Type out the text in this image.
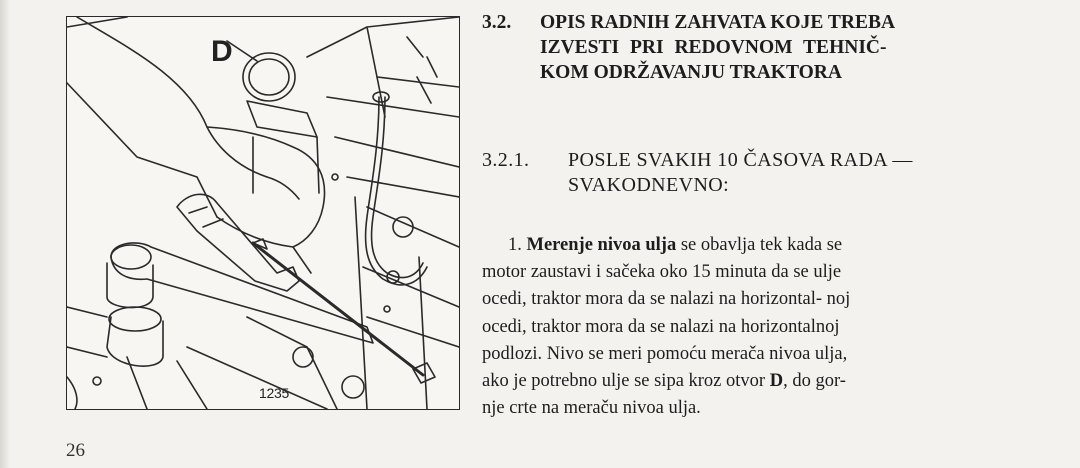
D
1235
3.2. OPIS RADNIH ZAHVATA KOJE TREBA
IZVESTI PRI REDOVNOM TEHNIČ-
KOM ODRŽAVANJU TRAKTORA
3.2.1. POSLE SVAKIH 10 ČASOVA RADA —
SVAKODNEVNO:
1. Merenje nivoa ulja se obavlja tek kada se
motor zaustavi i sačeka oko 15 minuta da se ulje
ocedi, traktor mora da se nalazi na horizontal- noj
ocedi, traktor mora da se nalazi na horizontalnoj
podlozi. Nivo se meri pomoću merača nivoa ulja,
ako je potrebno ulje se sipa kroz otvor D, do gor-
nje crte na meraču nivoa ulja.
26
